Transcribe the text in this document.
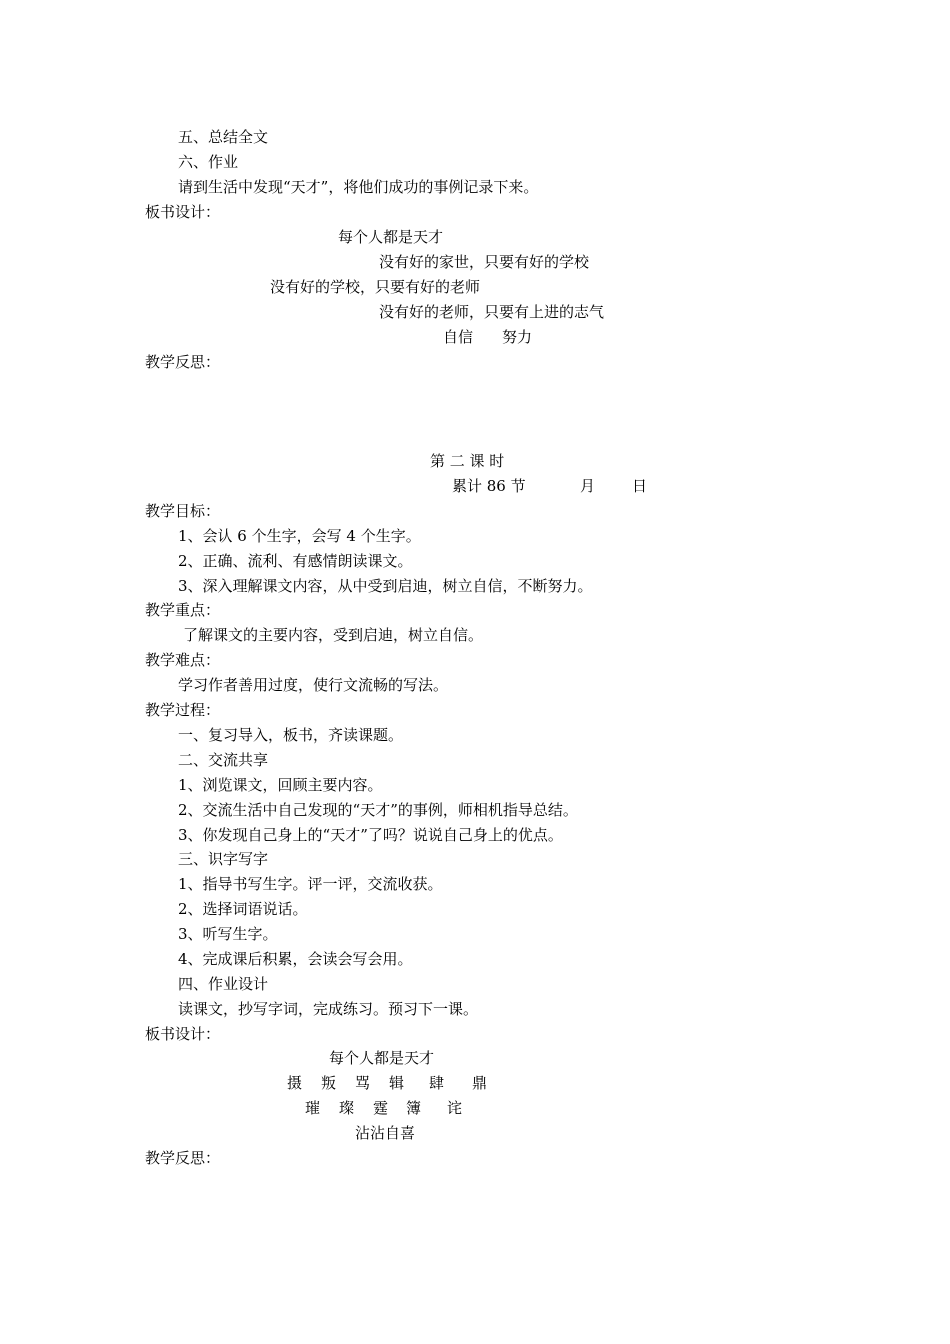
五、总结全文
六、作业
请到生活中发现“天才”，将他们成功的事例记录下来。
板书设计：
每个人都是天才
没有好的家世，只要有好的学校
没有好的学校，只要有好的老师
没有好的老师，只要有上进的志气
自信 努力
教学反思：
第 二 课 时
累计 86 节	月 日
教学目标：
1、会认 6 个生字，会写 4 个生字。
2、正确、流利、有感情朗读课文。
3、深入理解课文内容，从中受到启迪，树立自信，不断努力。
教学重点：
了解课文的主要内容，受到启迪，树立自信。
教学难点：
学习作者善用过度，使行文流畅的写法。
教学过程：
一、复习导入，板书，齐读课题。
二、交流共享
1、浏览课文，回顾主要内容。
2、交流生活中自己发现的“天才”的事例，师相机指导总结。
3、你发现自己身上的“天才”了吗？说说自己身上的优点。
三、识字写字
1、指导书写生字。评一评，交流收获。
2、选择词语说话。
3、听写生字。
4、完成课后积累，会读会写会用。
四、作业设计
读课文，抄写字词，完成练习。预习下一课。
板书设计：
每个人都是天才
摄 叛 骂 辑 肆 鼎
璀 璨 霆 簿 诧
沾沾自喜
教学反思：
